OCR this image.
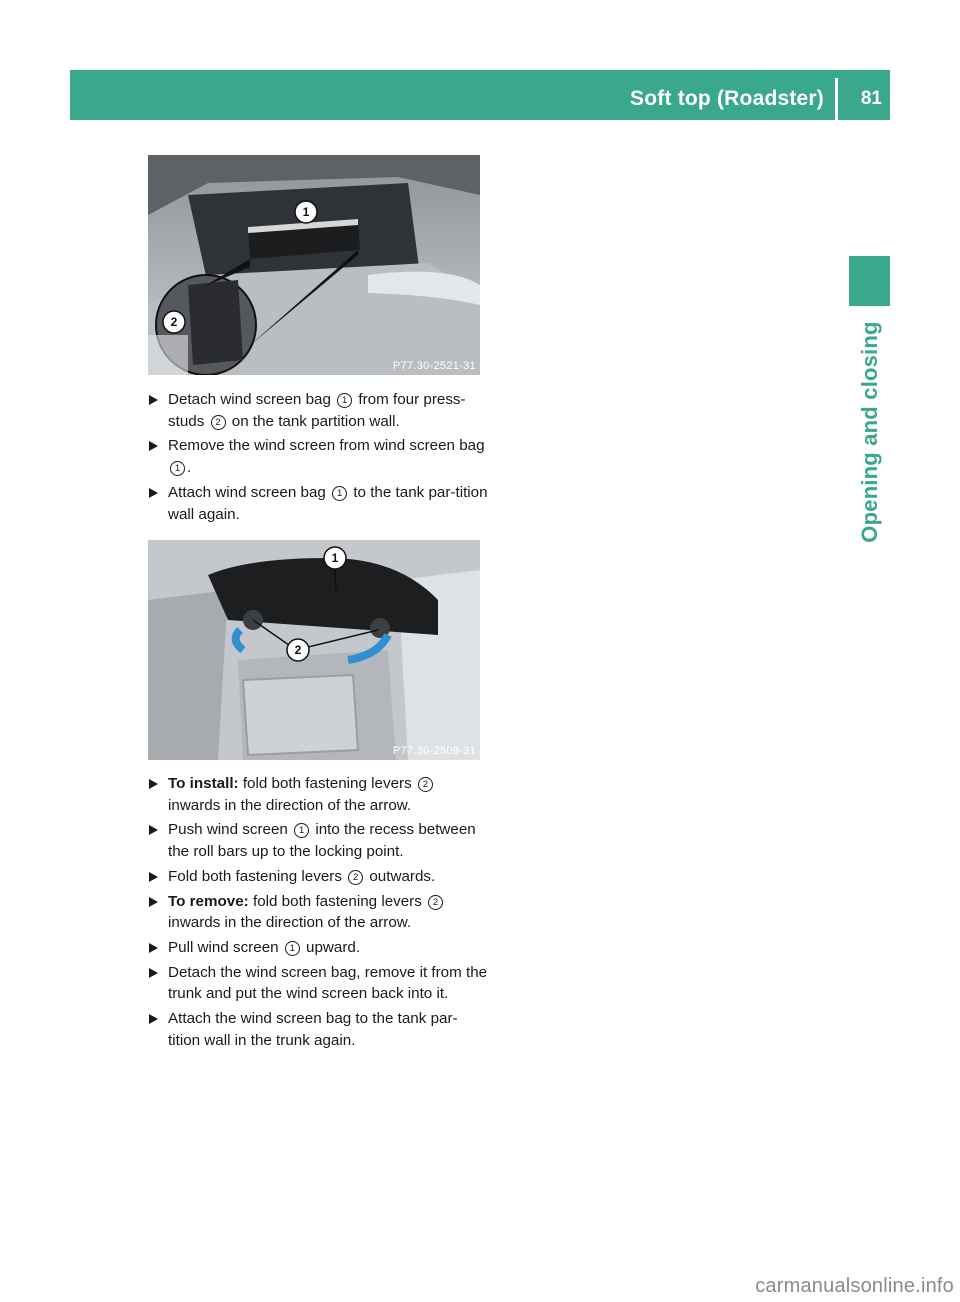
Soft top (Roadster) 81
Opening and closing
1
2
P77.30-2521-31
Detach wind screen bag 1 from four press-studs 2 on the tank partition wall.
Remove the wind screen from wind screen bag 1 .
Attach wind screen bag 1 to the tank par-tition wall again.
2
1
P77.30-2509-31
To install: fold both fastening levers 2 inwards in the direction of the arrow.
Push wind screen 1 into the recess between the roll bars up to the locking point.
Fold both fastening levers 2 outwards.
To remove: fold both fastening levers 2 inwards in the direction of the arrow.
Pull wind screen 1 upward.
Detach the wind screen bag, remove it from the trunk and put the wind screen back into it.
Attach the wind screen bag to the tank par-tition wall in the trunk again.
carmanualsonline.info
